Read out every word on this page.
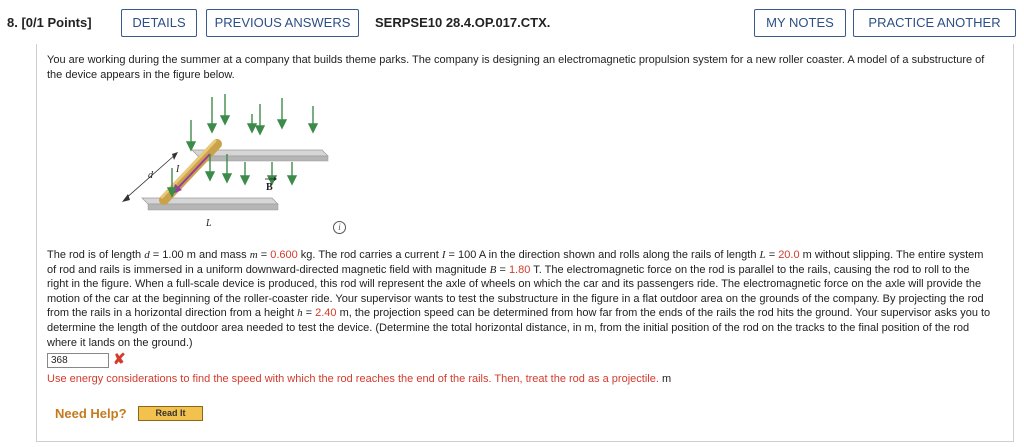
8. [0/1 Points]	DETAILS	PREVIOUS ANSWERS	SERPSE10 28.4.OP.017.CTX.	MY NOTES	PRACTICE ANOTHER
You are working during the summer at a company that builds theme parks. The company is designing an electromagnetic propulsion system for a new roller coaster. A model of a substructure of the device appears in the figure below.
d
I
B
L	i
The rod is of length d = 1.00 m and mass m = 0.600 kg. The rod carries a current I = 100 A in the direction shown and rolls along the rails of length L = 20.0 m without slipping. The entire system of rod and rails is immersed in a uniform downward-directed magnetic field with magnitude B = 1.80 T. The electromagnetic force on the rod is parallel to the rails, causing the rod to roll to the right in the figure. When a full-scale device is produced, this rod will represent the axle of wheels on which the car and its passengers ride. The electromagnetic force on the axle will provide the motion of the car at the beginning of the roller-coaster ride. Your supervisor wants to test the substructure in the figure in a flat outdoor area on the grounds of the company. By projecting the rod from the rails in a horizontal direction from a height h = 2.40 m, the projection speed can be determined from how far from the ends of the rails the rod hits the ground. Your supervisor asks you to determine the length of the outdoor area needed to test the device. (Determine the total horizontal distance, in m, from the initial position of the rod on the tracks to the final position of the rod where it lands on the ground.)
368	✘
Use energy considerations to find the speed with which the rod reaches the end of the rails. Then, treat the rod as a projectile. m
Need Help?	Read It
